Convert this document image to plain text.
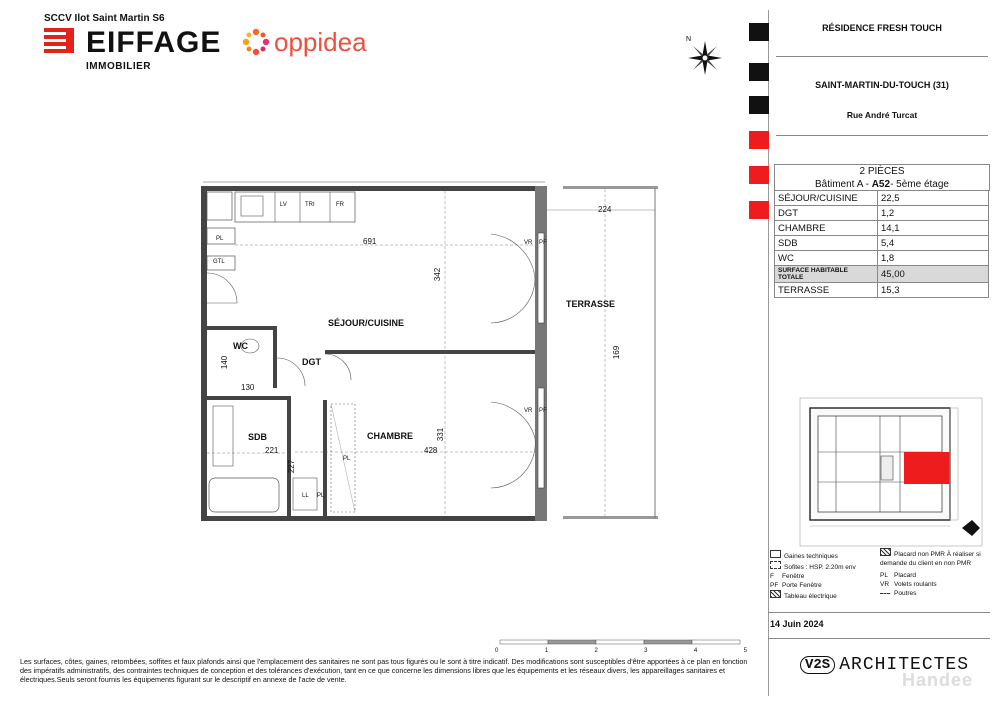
SCCV Ilot Saint Martin S6
EIFFAGE
IMMOBILIER
oppidea	N
RÉSIDENCE FRESH TOUCH
SAINT-MARTIN-DU-TOUCH (31)
Rue André Turcat
2 PIÈCES
Bâtiment A - A52- 5ème étage
SÉJOUR/CUISINE	22,5
DGT	1,2
CHAMBRE	14,1
SDB	5,4
WC	1,8
SURFACE HABITABLE TOTALE	45,00
TERRASSE	15,3
Gaines techniques
Sofites : HSP. 2.20m env
F Fenêtre
PF Porte Fenêtre
Tableau électrique
Placard non PMR À réaliser si demande du client en non PMR
PL Placard
VR Volets roulants
Poutres
14 Juin 2024
V2S ARCHITECTES
Handee
0	1	2	3	4	5
Les surfaces, côtes, gaines, retombées, soffites et faux plafonds ainsi que l'emplacement des sanitaires ne sont pas tous figurés ou le sont à titre indicatif. Des modifications sont susceptibles d'être apportées à ce plan en fonction des impératifs administratifs, des contraintes techniques de conception et des tolérances d'exécution, tant en ce que concerne les dimensions libres que les équipements et les réseaux divers, les appareillages sanitaires et électriques.Seuls seront fournis les équipements figurant sur le descriptif en annexe de l'acte de vente.
SÉJOUR/CUISINE
TERRASSE
WC
DGT
SDB	CHAMBRE
224
691
342
169
140
130
221
227
331
428
LV	TRI	FR
PL
GTL
VR PF
VR PF
PL
LL PL
